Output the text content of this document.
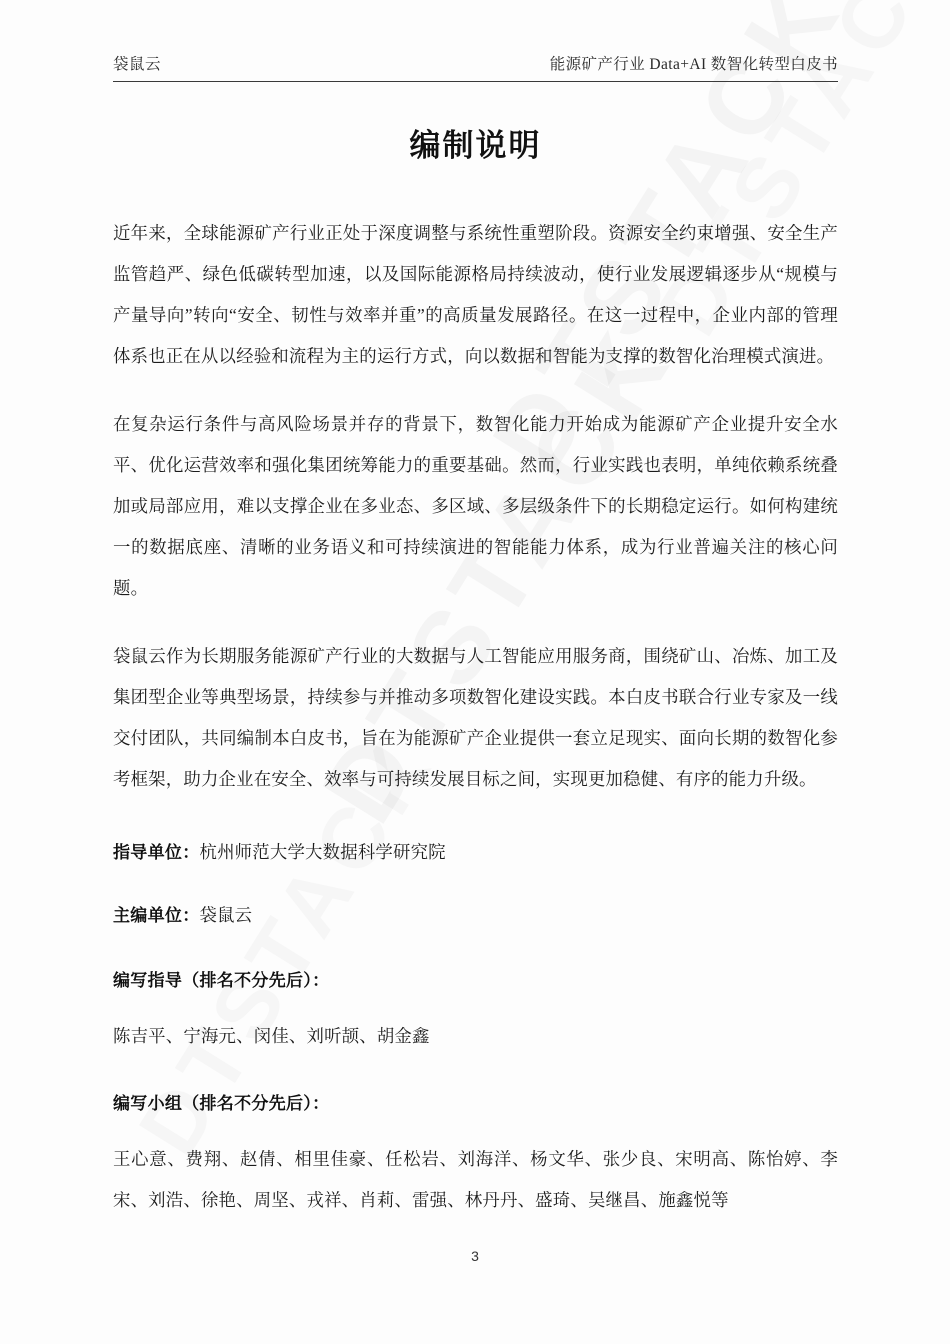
袋鼠云	能源矿产行业 Data+AI 数智化转型白皮书
编制说明

近年来，全球能源矿产行业正处于深度调整与系统性重塑阶段。资源安全约束增强、安全生产监管趋严、绿色低碳转型加速，以及国际能源格局持续波动，使行业发展逻辑逐步从“规模与产量导向”转向“安全、韧性与效率并重”的高质量发展路径。在这一过程中，企业内部的管理体系也正在从以经验和流程为主的运行方式，向以数据和智能为支撑的数智化治理模式演进。

在复杂运行条件与高风险场景并存的背景下，数智化能力开始成为能源矿产企业提升安全水平、优化运营效率和强化集团统筹能力的重要基础。然而，行业实践也表明，单纯依赖系统叠加或局部应用，难以支撑企业在多业态、多区域、多层级条件下的长期稳定运行。如何构建统一的数据底座、清晰的业务语义和可持续演进的智能能力体系，成为行业普遍关注的核心问题。

袋鼠云作为长期服务能源矿产行业的大数据与人工智能应用服务商，围绕矿山、冶炼、加工及集团型企业等典型场景，持续参与并推动多项数智化建设实践。本白皮书联合行业专家及一线交付团队，共同编制本白皮书，旨在为能源矿产企业提供一套立足现实、面向长期的数智化参考框架，助力企业在安全、效率与可持续发展目标之间，实现更加稳健、有序的能力升级。

指导单位：杭州师范大学大数据科学研究院
主编单位：袋鼠云
编写指导（排名不分先后）：

陈吉平、宁海元、闵佳、刘听颉、胡金鑫

编写小组（排名不分先后）：

王心意、费翔、赵倩、相里佳豪、任松岩、刘海洋、杨文华、张少良、宋明高、陈怡婷、李宋、刘浩、徐艳、周坚、戎祥、肖莉、雷强、林丹丹、盛琦、吴继昌、施鑫悦等

3
